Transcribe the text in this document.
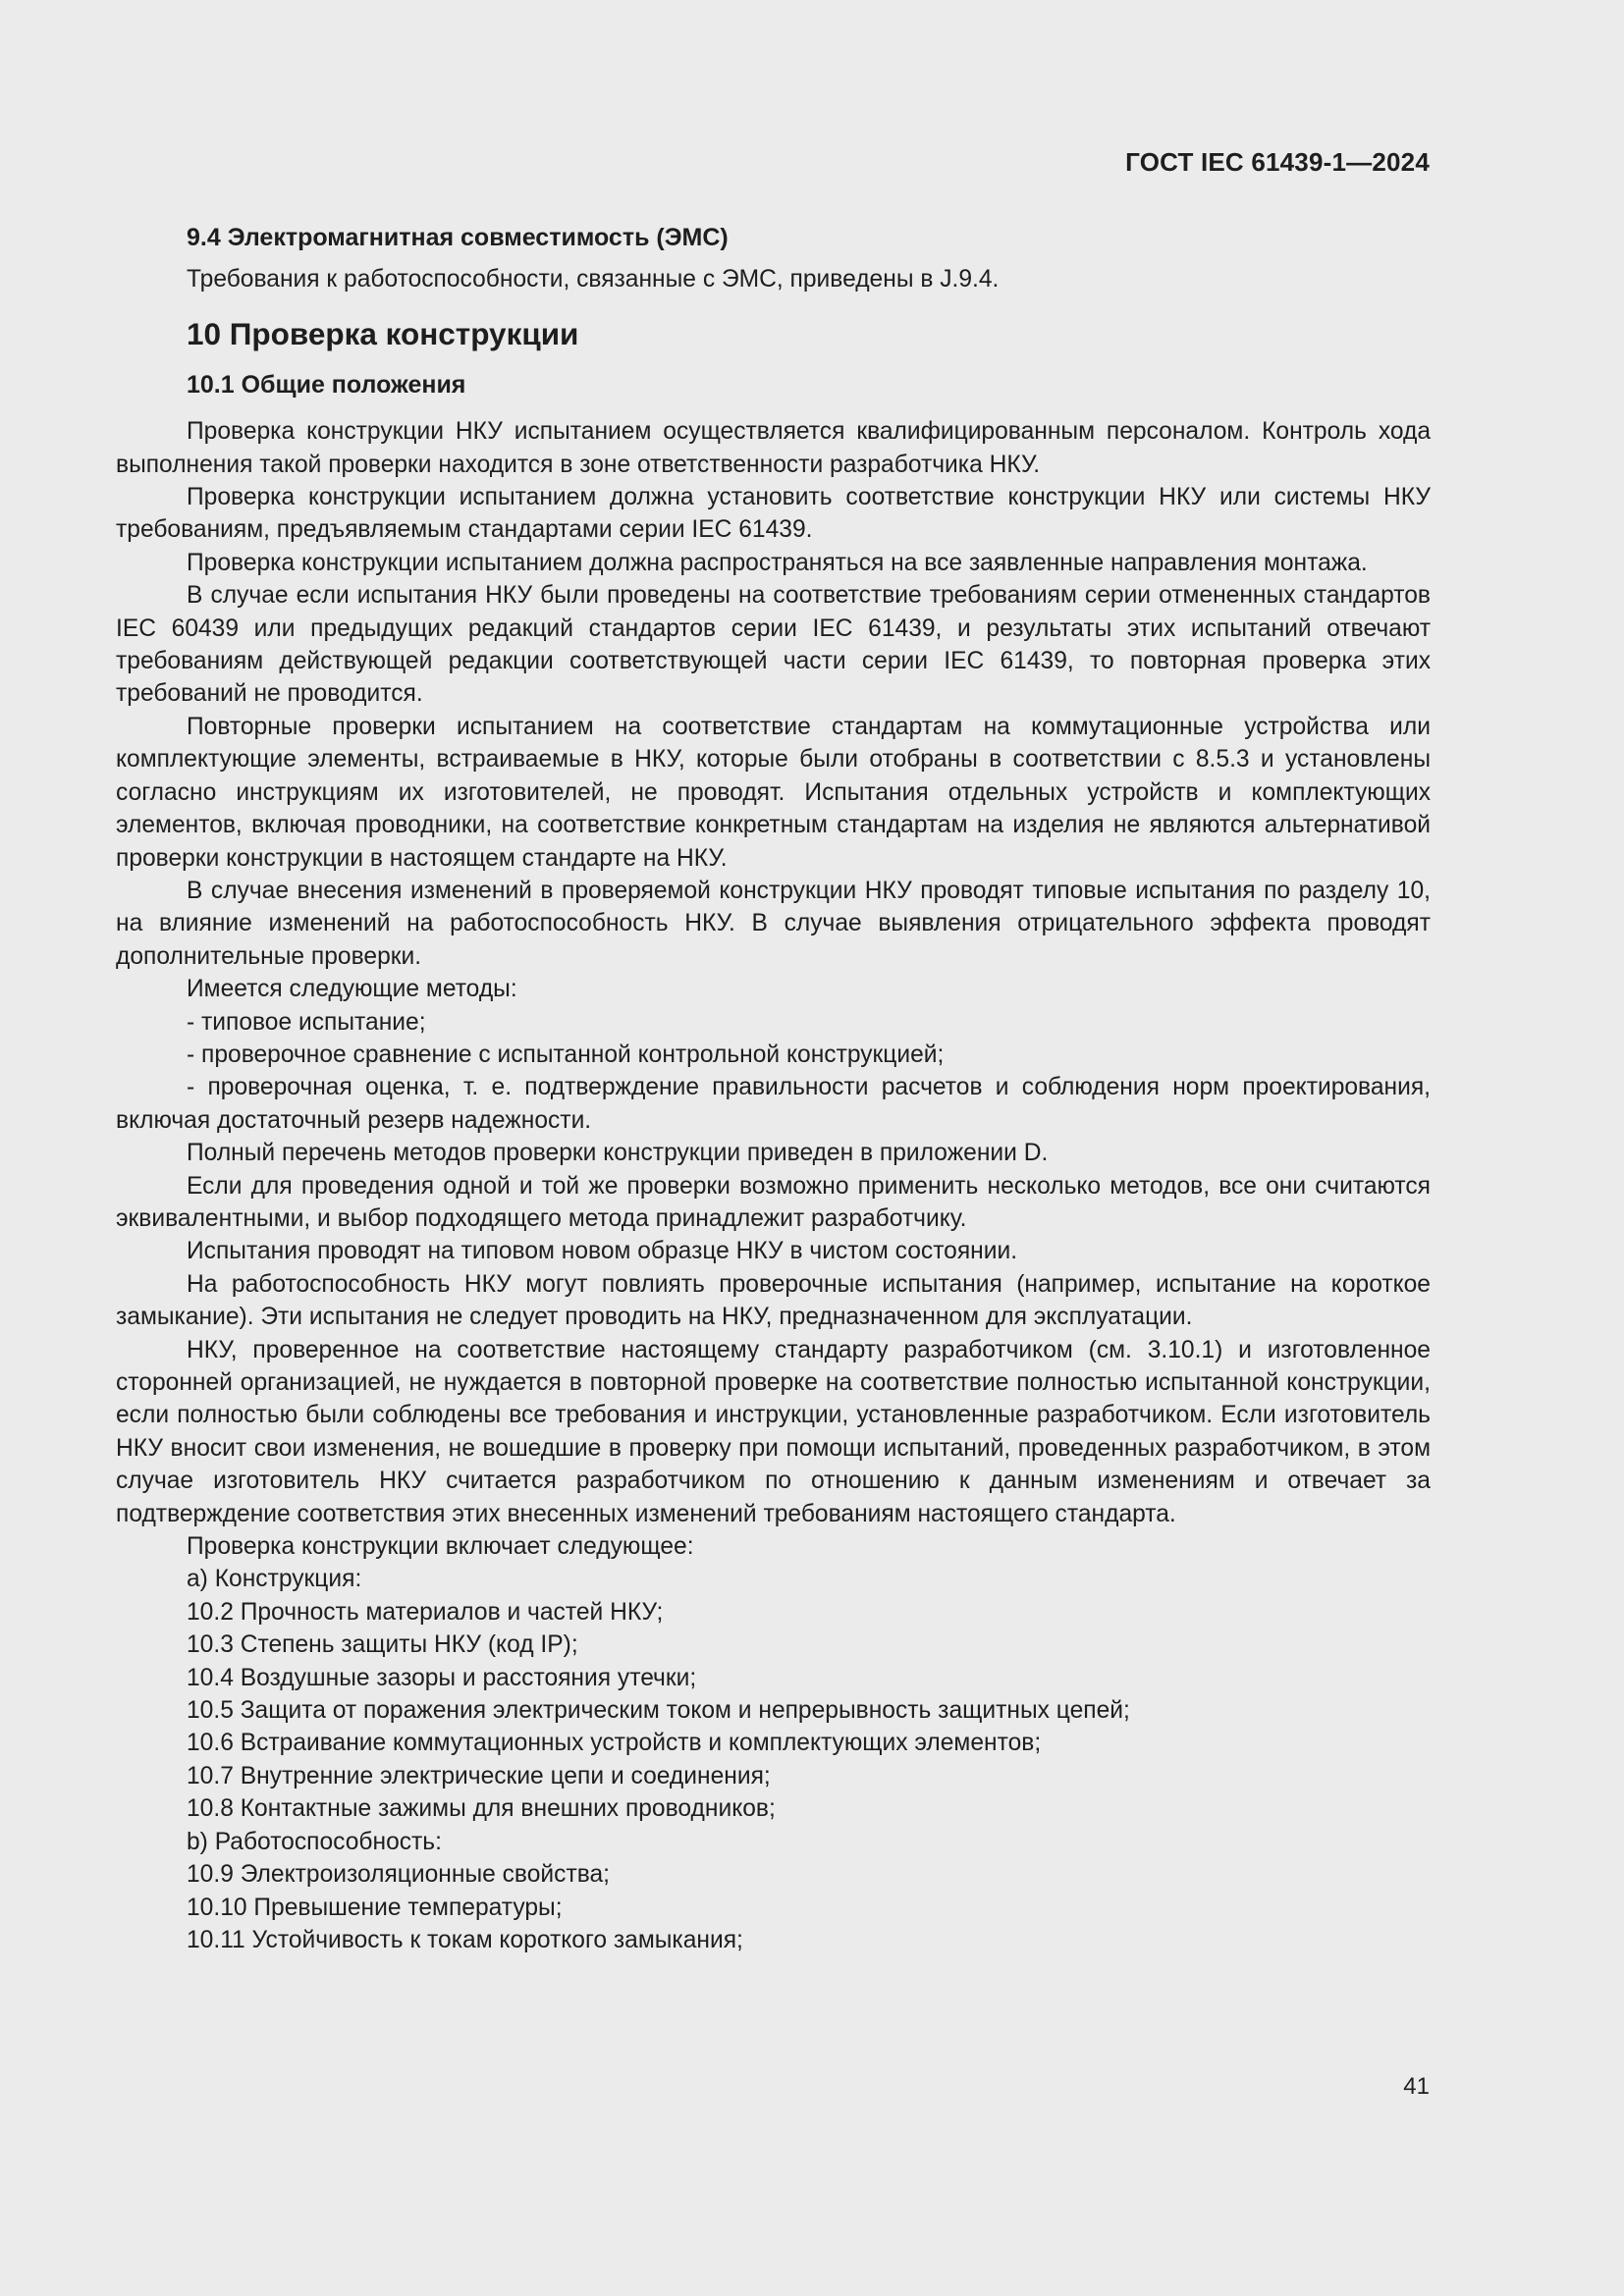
ГОСТ IEC 61439-1—2024
9.4 Электромагнитная совместимость (ЭМС)
Требования к работоспособности, связанные с ЭМС, приведены в J.9.4.
10 Проверка конструкции
10.1 Общие положения

Проверка конструкции НКУ испытанием осуществляется квалифицированным персоналом. Контроль хода выполнения такой проверки находится в зоне ответственности разработчика НКУ.

Проверка конструкции испытанием должна установить соответствие конструкции НКУ или системы НКУ требованиям, предъявляемым стандартами серии IEC 61439.

Проверка конструкции испытанием должна распространяться на все заявленные направления монтажа.

В случае если испытания НКУ были проведены на соответствие требованиям серии отмененных стандартов IEC 60439 или предыдущих редакций стандартов серии IEC 61439, и результаты этих испытаний отвечают требованиям действующей редакции соответствующей части серии IEC 61439, то повторная проверка этих требований не проводится.

Повторные проверки испытанием на соответствие стандартам на коммутационные устройства или комплектующие элементы, встраиваемые в НКУ, которые были отобраны в соответствии с 8.5.3 и установлены согласно инструкциям их изготовителей, не проводят. Испытания отдельных устройств и комплектующих элементов, включая проводники, на соответствие конкретным стандартам на изделия не являются альтернативой проверки конструкции в настоящем стандарте на НКУ.

В случае внесения изменений в проверяемой конструкции НКУ проводят типовые испытания по разделу 10, на влияние изменений на работоспособность НКУ. В случае выявления отрицательного эффекта проводят дополнительные проверки.

Имеется следующие методы:

- типовое испытание;

- проверочное сравнение с испытанной контрольной конструкцией;

- проверочная оценка, т. е. подтверждение правильности расчетов и соблюдения норм проектирования, включая достаточный резерв надежности.

Полный перечень методов проверки конструкции приведен в приложении D.

Если для проведения одной и той же проверки возможно применить несколько методов, все они считаются эквивалентными, и выбор подходящего метода принадлежит разработчику.

Испытания проводят на типовом новом образце НКУ в чистом состоянии.

На работоспособность НКУ могут повлиять проверочные испытания (например, испытание на короткое замыкание). Эти испытания не следует проводить на НКУ, предназначенном для эксплуатации.

НКУ, проверенное на соответствие настоящему стандарту разработчиком (см. 3.10.1) и изготовленное сторонней организацией, не нуждается в повторной проверке на соответствие полностью испытанной конструкции, если полностью были соблюдены все требования и инструкции, установленные разработчиком. Если изготовитель НКУ вносит свои изменения, не вошедшие в проверку при помощи испытаний, проведенных разработчиком, в этом случае изготовитель НКУ считается разработчиком по отношению к данным изменениям и отвечает за подтверждение соответствия этих внесенных изменений требованиям настоящего стандарта.

Проверка конструкции включает следующее:

a) Конструкция:

10.2 Прочность материалов и частей НКУ;

10.3 Степень защиты НКУ (код IP);

10.4 Воздушные зазоры и расстояния утечки;

10.5 Защита от поражения электрическим током и непрерывность защитных цепей;

10.6 Встраивание коммутационных устройств и комплектующих элементов;

10.7 Внутренние электрические цепи и соединения;

10.8 Контактные зажимы для внешних проводников;

b) Работоспособность:

10.9 Электроизоляционные свойства;

10.10 Превышение температуры;

10.11 Устойчивость к токам короткого замыкания;

41
